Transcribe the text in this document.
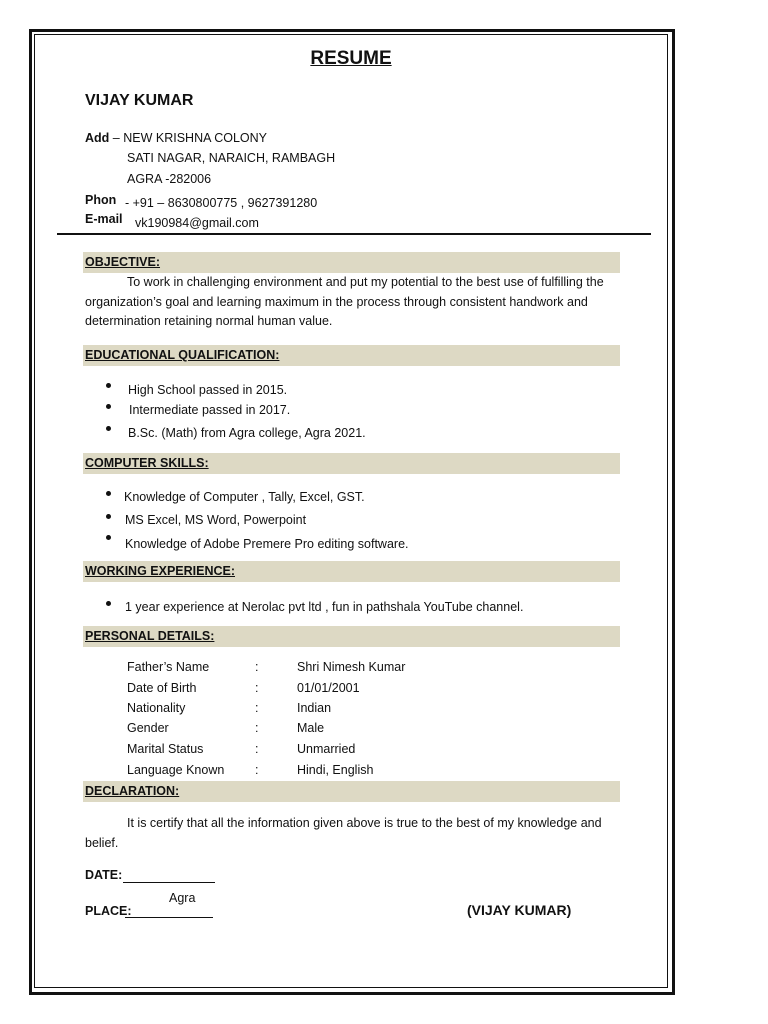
RESUME
VIJAY KUMAR
Add – NEW KRISHNA COLONY
SATI NAGAR, NARAICH, RAMBAGH
AGRA -282006
Phon - +91 – 8630800775 , 9627391280
E-mail vk190984@gmail.com
OBJECTIVE:
To work in challenging environment and put my potential to the best use of fulfilling the organization’s goal and learning maximum in the process through consistent handwork and determination retaining normal human value.
EDUCATIONAL QUALIFICATION:
High School passed in 2015.
Intermediate passed in 2017.
B.Sc. (Math) from Agra college, Agra 2021.
COMPUTER SKILLS:
Knowledge of Computer , Tally, Excel, GST.
MS Excel, MS Word, Powerpoint
Knowledge of Adobe Premere Pro editing software.
WORKING EXPERIENCE:
1 year experience at Nerolac pvt ltd , fun in pathshala YouTube channel.
PERSONAL DETAILS:
Father’s Name	:	Shri Nimesh Kumar
Date of Birth	:	01/01/2001
Nationality	:	Indian
Gender	:	Male
Marital Status	:	Unmarried
Language Known :	Hindi, English
DECLARATION:
It is certify that all the information given above is true to the best of my knowledge and belief.
DATE:
Agra
PLACE:	(VIJAY KUMAR)
